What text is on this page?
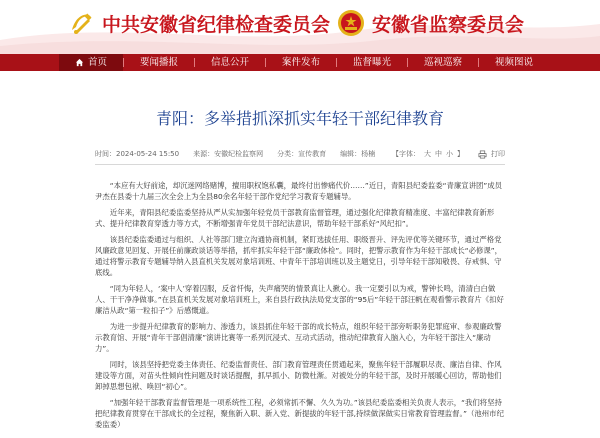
中共安徽省纪律检查委员会 安徽省监察委员会
首页	要闻播报	信息公开	案件发布	监督曝光	巡视巡察	视频图说
青阳：多举措抓深抓实年轻干部纪律教育
时间：2024-05-24 15:50 来源：安徽纪检监察网 分类：宣传教育 编辑：杨楠 【字体： 大 中 小 】	打印

“本应有大好前途，却沉迷网络赌博，擅用职权饱私囊，最终付出惨痛代价……”近日，青阳县纪委监委“青廉宣讲团”成员尹杰在县委十九届三次全会上为全县80余名年轻干部作党纪学习教育专题辅导。

近年来，青阳县纪委监委坚持从严从实加强年轻党员干部教育监督管理，通过强化纪律教育精准度、丰富纪律教育新形式、提升纪律教育穿透力等方式，不断增强青年党员干部纪法意识，帮助年轻干部系好“风纪扣”。

该县纪委监委通过与组织、人社等部门建立沟通协商机制，紧盯选拔任用、职级晋升、评先评优等关键环节，通过严格党风廉政意见回复、开展任前廉政谈话等举措，抓牢抓实年轻干部“廉政体检”。同时，把警示教育作为年轻干部成长“必修课”，通过将警示教育专题辅导纳入县直机关发展对象培训班、中青年干部培训班以及主题党日，引导年轻干部知敬畏、存戒惧、守底线。

“同为年轻人，‘案中人’穿着囚服，反省忏悔，失声痛哭的情景真让人揪心。我一定要引以为戒，警钟长鸣，清清白白做人、干干净净做事。”在县直机关发展对象培训班上，来自县行政执法局党支部的“95后”年轻干部汪帆在观看警示教育片《扣好廉洁从政“第一粒扣子”》后感慨道。

为进一步提升纪律教育的影响力、渗透力，该县抓住年轻干部的成长特点，组织年轻干部旁听职务犯罪庭审、参观廉政警示教育馆、开展“青年干部倡清廉”演讲比赛等一系列沉浸式、互动式活动，推动纪律教育入脑入心，为年轻干部注入“廉动力”。

同时，该县坚持把党委主体责任、纪委监督责任、部门教育管理责任贯通起来，聚焦年轻干部履职尽责、廉洁自律、作风建设等方面，对苗头性倾向性问题及时谈话提醒，抓早抓小、防微杜渐。对被处分的年轻干部，及时开展暖心回访，帮助他们卸掉思想包袱、唤回“初心”。

“加强年轻干部教育监督管理是一项系统性工程，必须常抓不懈、久久为功。”该县纪委监委相关负责人表示，“我们将坚持把纪律教育贯穿在干部成长的全过程，聚焦新入职、新入党、新提拔的年轻干部,持续做深做实日常教育管理监督。”（池州市纪委监委）
